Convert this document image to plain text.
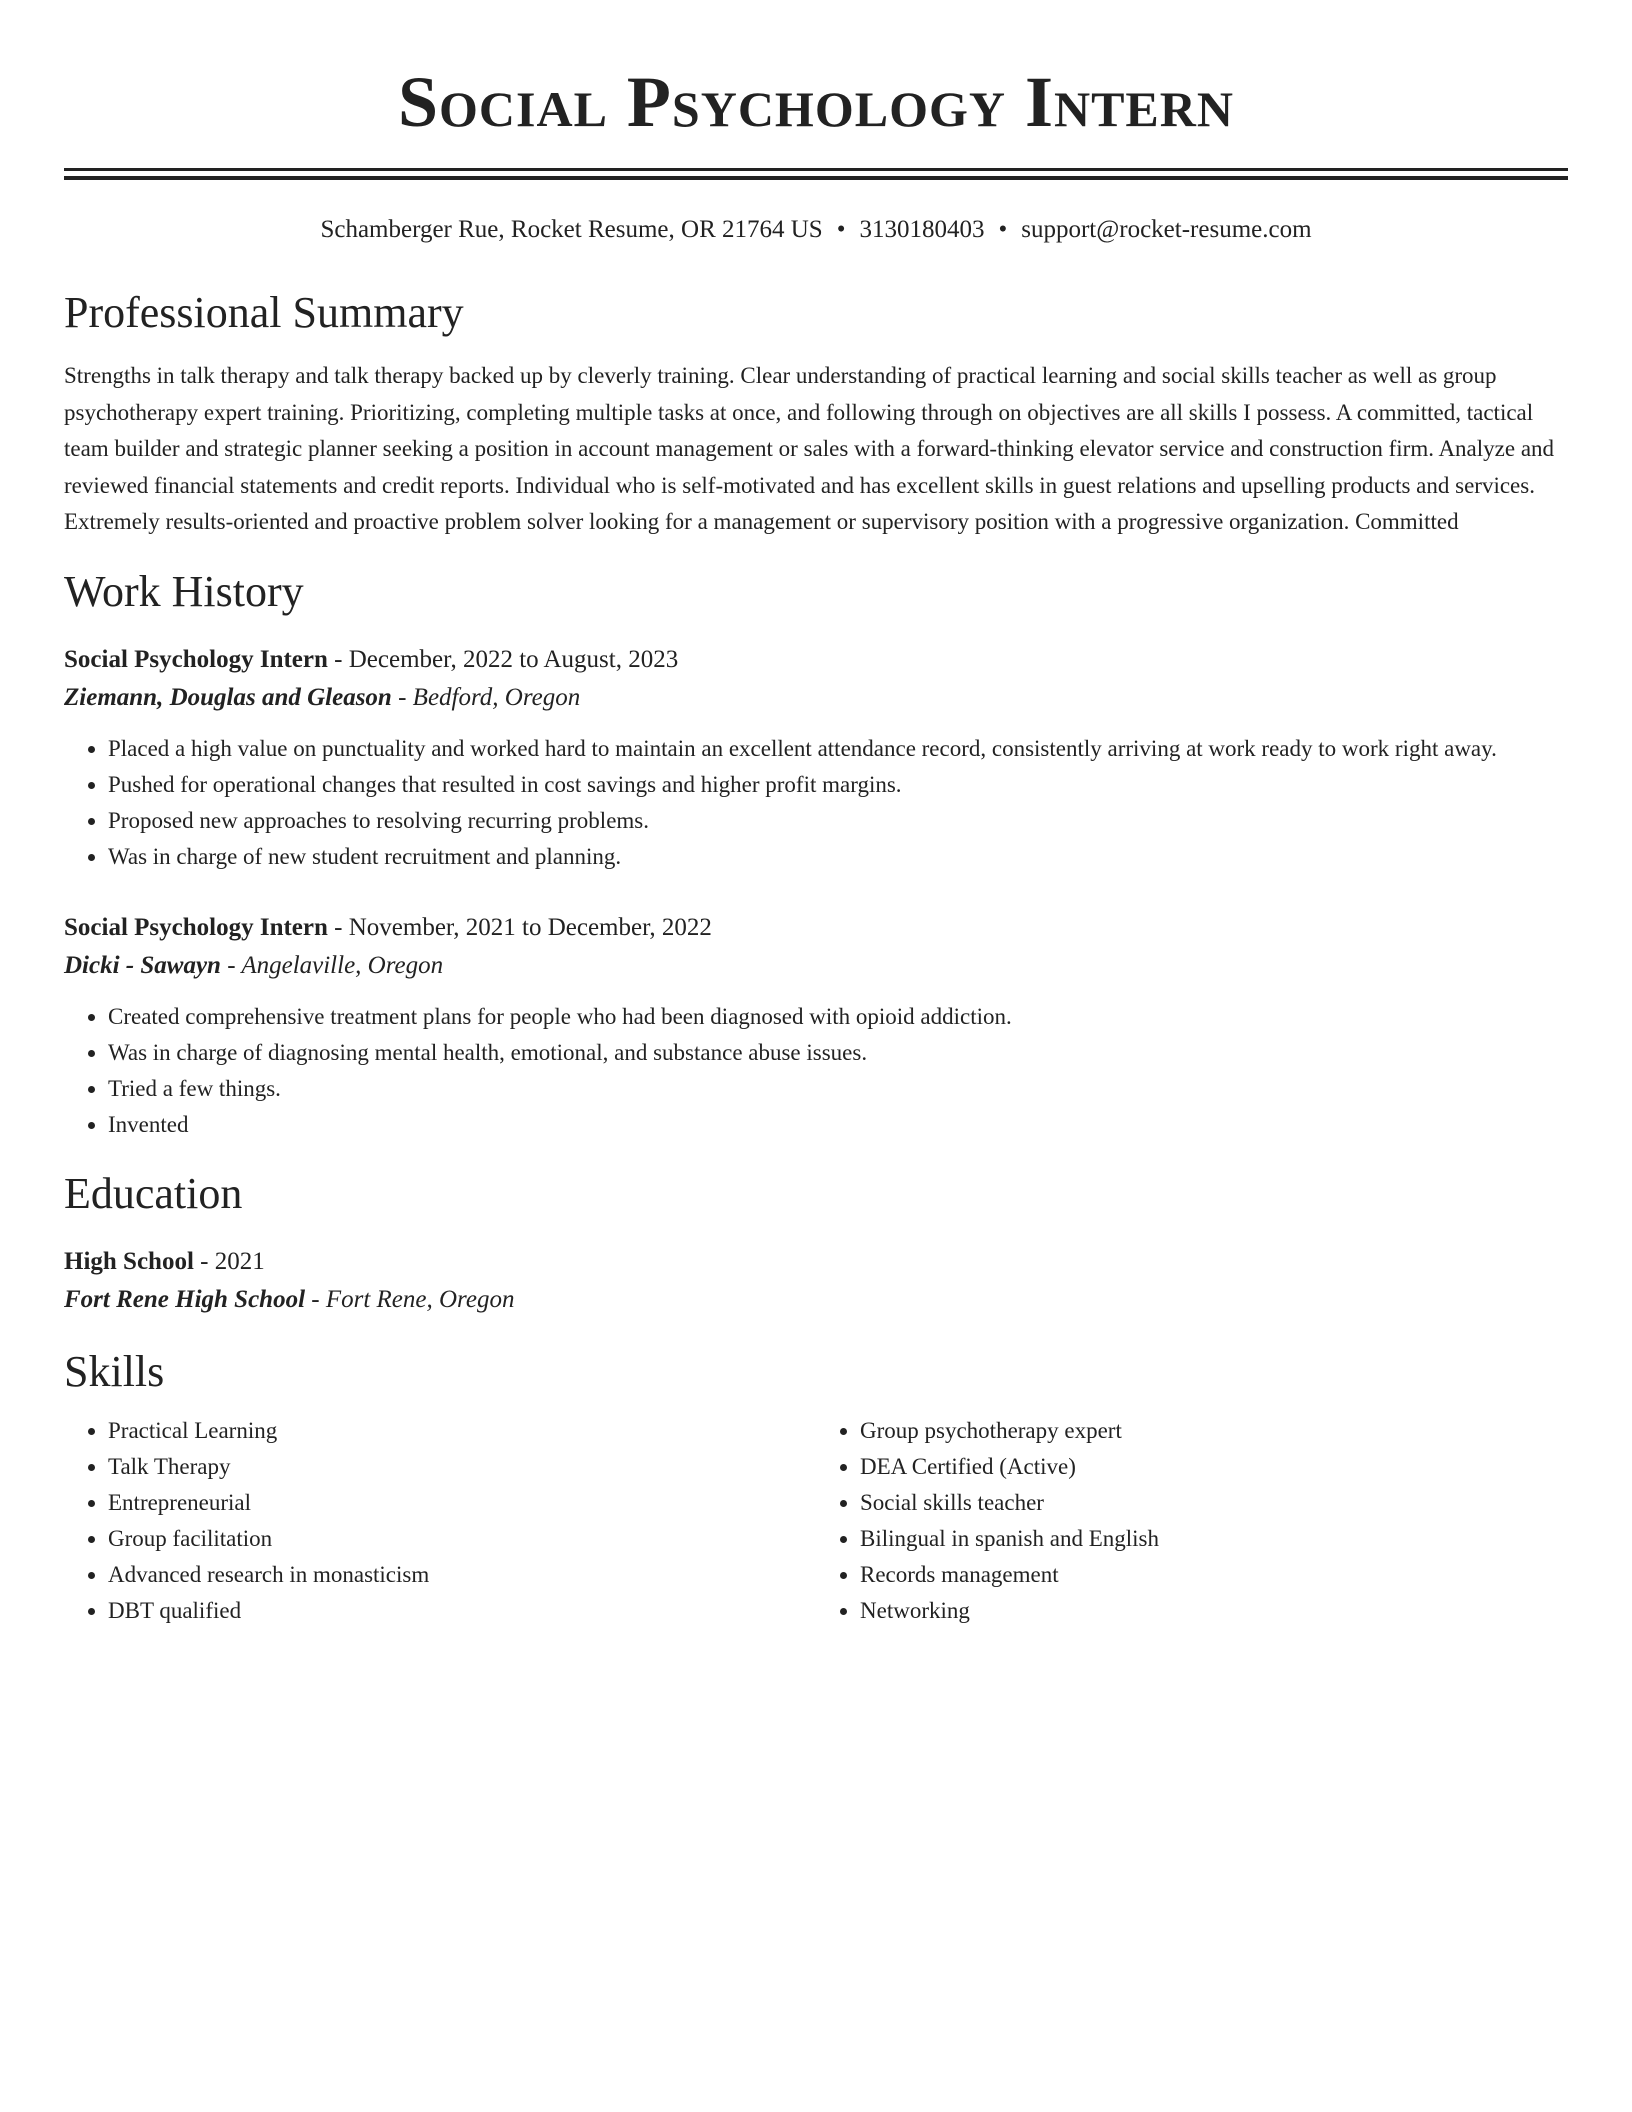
Social Psychology Intern
Schamberger Rue, Rocket Resume, OR 21764 US • 3130180403 • support@rocket-resume.com
Professional Summary

Strengths in talk therapy and talk therapy backed up by cleverly training. Clear understanding of practical learning and social skills teacher as well as group psychotherapy expert training. Prioritizing, completing multiple tasks at once, and following through on objectives are all skills I possess. A committed, tactical team builder and strategic planner seeking a position in account management or sales with a forward-thinking elevator service and construction firm. Analyze and reviewed financial statements and credit reports. Individual who is self-motivated and has excellent skills in guest relations and upselling products and services. Extremely results-oriented and proactive problem solver looking for a management or supervisory position with a progressive organization. Committed

Work History
Social Psychology Intern - December, 2022 to August, 2023
Ziemann, Douglas and Gleason - Bedford, Oregon
• Placed a high value on punctuality and worked hard to maintain an excellent attendance record, consistently arriving at work ready to work right away.
• Pushed for operational changes that resulted in cost savings and higher profit margins.
• Proposed new approaches to resolving recurring problems.
• Was in charge of new student recruitment and planning.
Social Psychology Intern - November, 2021 to December, 2022
Dicki - Sawayn - Angelaville, Oregon
• Created comprehensive treatment plans for people who had been diagnosed with opioid addiction.
• Was in charge of diagnosing mental health, emotional, and substance abuse issues.
• Tried a few things.
• Invented
Education
High School - 2021
Fort Rene High School - Fort Rene, Oregon
Skills
• Practical Learning
• Talk Therapy
• Entrepreneurial
• Group facilitation
• Advanced research in monasticism
• DBT qualified
• Group psychotherapy expert
• DEA Certified (Active)
• Social skills teacher
• Bilingual in spanish and English
• Records management
• Networking
